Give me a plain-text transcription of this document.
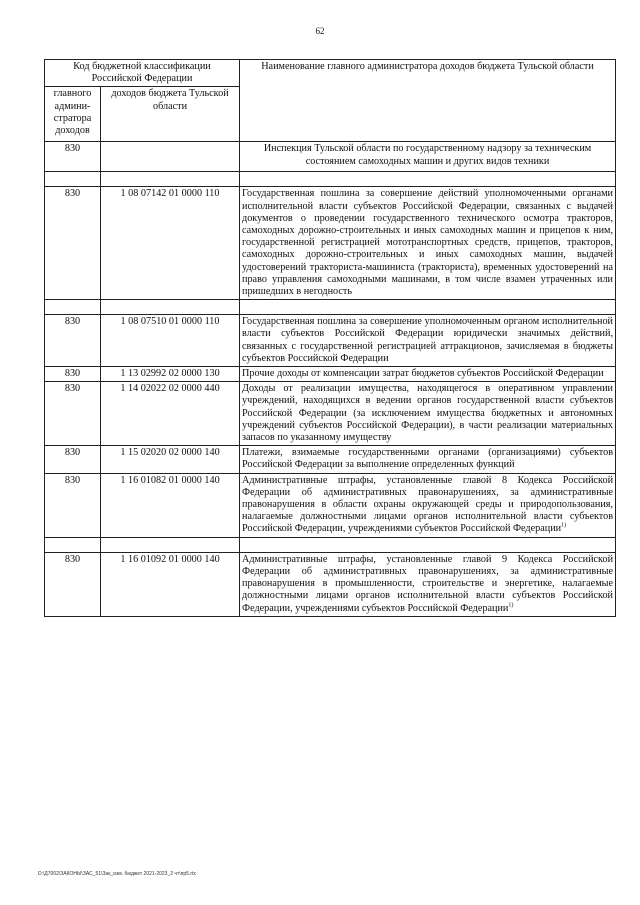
62
Код бюджетной классификации Российской Федерации		Наименование главного администратора доходов бюджета Тульской области
главного админи-стратора доходов	доходов бюджета Тульской области	
830		Инспекция Тульской области по государственному надзору за техническим состоянием самоходных машин и других видов техники

830	1 08 07142 01 0000 110	Государственная пошлина за совершение действий уполномоченными органами исполнительной власти субъектов Российской Федерации, связанных с выдачей документов о проведении государственного технического осмотра тракторов, самоходных дорожно-строительных и иных самоходных машин и прицепов к ним, государственной регистрацией мототранспортных средств, прицепов, тракторов, самоходных дорожно-строительных и иных самоходных машин, выдачей удостоверений тракториста-машиниста (тракториста), временных удостоверений на право управления самоходными машинами, в том числе взамен утраченных или пришедших в негодность

830	1 08 07510 01 0000 110	Государственная пошлина за совершение уполномоченным органом исполнительной власти субъектов Российской Федерации юридически значимых действий, связанных с государственной регистрацией аттракционов, зачисляемая в бюджеты субъектов Российской Федерации
830	1 13 02992 02 0000 130	Прочие доходы от компенсации затрат бюджетов субъектов Российской Федерации
830	1 14 02022 02 0000 440	Доходы от реализации имущества, находящегося в оперативном управлении учреждений, находящихся в ведении органов государственной власти субъектов Российской Федерации (за исключением имущества бюджетных и автономных учреждений субъектов Российской Федерации), в части реализации материальных запасов по указанному имуществу
830	1 15 02020 02 0000 140	Платежи, взимаемые государственными органами (организациями) субъектов Российской Федерации за выполнение определенных функций
830	1 16 01082 01 0000 140	Административные штрафы, установленные главой 8 Кодекса Российской Федерации об административных правонарушениях, за административные правонарушения в области охраны окружающей среды и природопользования, налагаемые должностными лицами органов исполнительной власти субъектов Российской Федерации, учреждениями субъектов Российской Федерации$^{1)}$

830	1 16 01092 01 0000 140	Административные штрафы, установленные главой 9 Кодекса Российской Федерации об административных правонарушениях, за административные правонарушения в промышленности, строительстве и энергетике, налагаемые должностными лицами органов исполнительной власти субъектов Российской Федерации, учреждениями субъектов Российской Федерации$^{1)}$
D:\Д7002\ЗАКОНЫ\ЗАС_51\Зак_изм. бюджет 2021-2023_2 чт\пр5.rtx
